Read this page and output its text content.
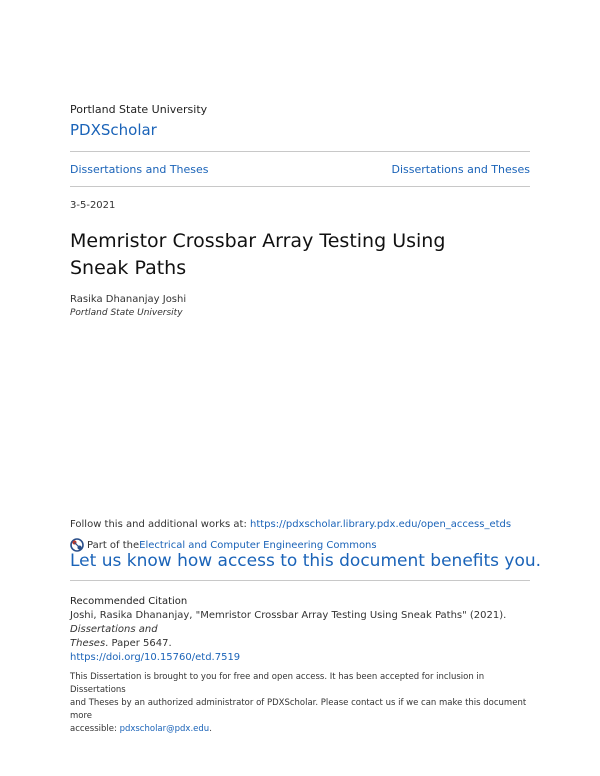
Portland State University
PDXScholar
Dissertations and Theses	Dissertations and Theses
3-5-2021
Memristor Crossbar Array Testing Using Sneak Paths
Rasika Dhananjay Joshi
Portland State University
Follow this and additional works at: https://pdxscholar.library.pdx.edu/open_access_etds
Part of the Electrical and Computer Engineering Commons
Let us know how access to this document benefits you.
Recommended Citation
Joshi, Rasika Dhananjay, "Memristor Crossbar Array Testing Using Sneak Paths" (2021). Dissertations and
Theses. Paper 5647.
https://doi.org/10.15760/etd.7519
This Dissertation is brought to you for free and open access. It has been accepted for inclusion in Dissertations
and Theses by an authorized administrator of PDXScholar. Please contact us if we can make this document more
accessible: pdxscholar@pdx.edu.
